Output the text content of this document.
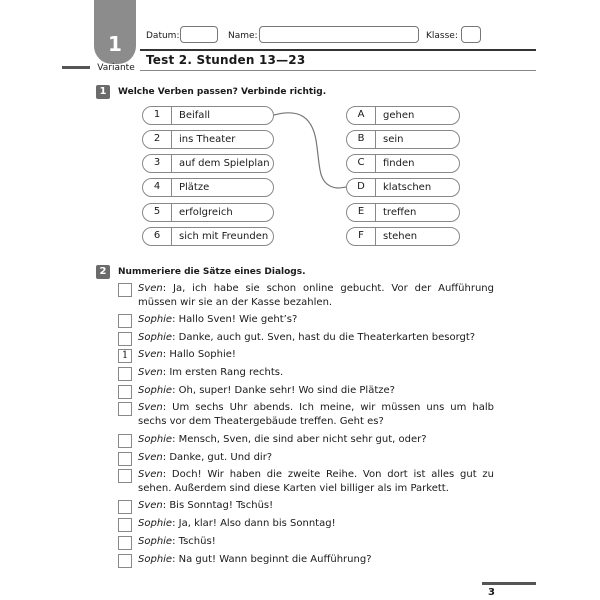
1
Variante
Datum:	Name:	Klasse:
Test 2. Stunden 13—23
1	Welche Verben passen? Verbinde richtig.
1	Beifall
2	ins Theater
3	auf dem Spielplan
4	Plätze
5	erfolgreich
6	sich mit Freunden
A	gehen
B	sein
C	finden
D	klatschen
E	treffen
F	stehen
2	Nummeriere die Sätze eines Dialogs.
Sven: Ja, ich habe sie schon online gebucht. Vor der Aufführung müssen wir sie an der Kasse bezahlen.
Sophie: Hallo Sven! Wie geht’s?
Sophie: Danke, auch gut. Sven, hast du die Theaterkarten besorgt?
1 Sven: Hallo Sophie!
Sven: Im ersten Rang rechts.
Sophie: Oh, super! Danke sehr! Wo sind die Plätze?
Sven: Um sechs Uhr abends. Ich meine, wir müssen uns um halb sechs vor dem Theatergebäude treffen. Geht es?
Sophie: Mensch, Sven, die sind aber nicht sehr gut, oder?
Sven: Danke, gut. Und dir?
Sven: Doch! Wir haben die zweite Reihe. Von dort ist alles gut zu sehen. Außerdem sind diese Karten viel billiger als im Parkett.
Sven: Bis Sonntag! Tschüs!
Sophie: Ja, klar! Also dann bis Sonntag!
Sophie: Tschüs!
Sophie: Na gut! Wann beginnt die Aufführung?
3
